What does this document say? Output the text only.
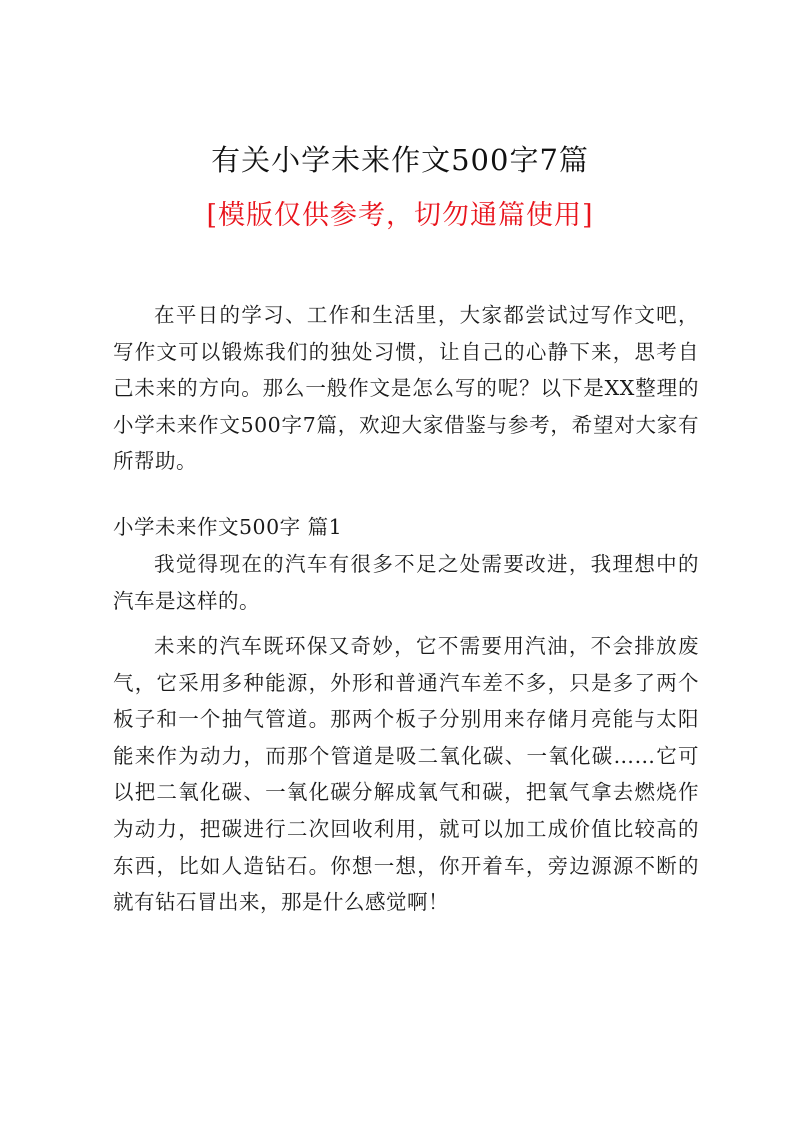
有关小学未来作文500字7篇
[模版仅供参考，切勿通篇使用]
在平日的学习、工作和生活里，大家都尝试过写作文吧，写作文可以锻炼我们的独处习惯，让自己的心静下来，思考自己未来的方向。那么一般作文是怎么写的呢？以下是XX整理的小学未来作文500字7篇，欢迎大家借鉴与参考，希望对大家有所帮助。
小学未来作文500字 篇1
我觉得现在的汽车有很多不足之处需要改进，我理想中的汽车是这样的。
未来的汽车既环保又奇妙，它不需要用汽油，不会排放废气，它采用多种能源，外形和普通汽车差不多，只是多了两个板子和一个抽气管道。那两个板子分别用来存储月亮能与太阳能来作为动力，而那个管道是吸二氧化碳、一氧化碳……它可以把二氧化碳、一氧化碳分解成氧气和碳，把氧气拿去燃烧作为动力，把碳进行二次回收利用，就可以加工成价值比较高的东西，比如人造钻石。你想一想，你开着车，旁边源源不断的就有钻石冒出来，那是什么感觉啊！
